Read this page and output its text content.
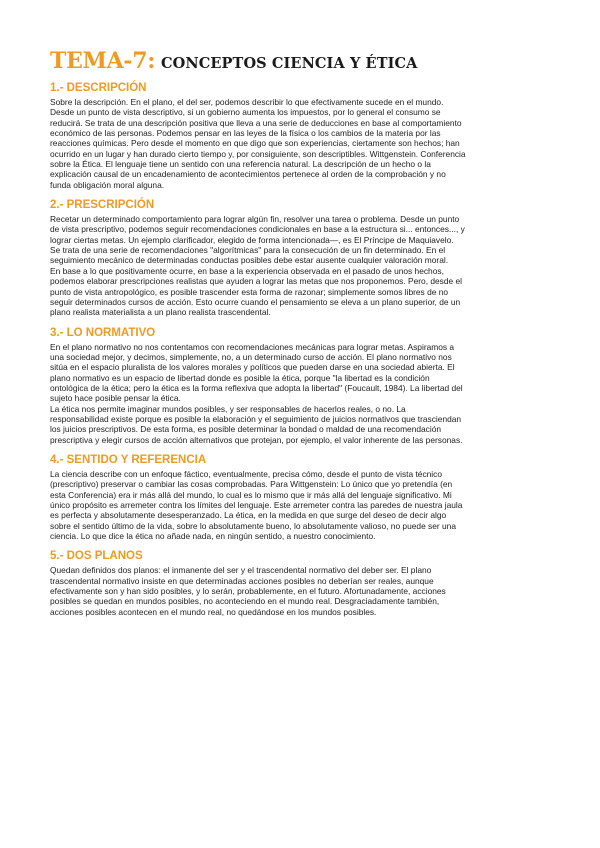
TEMA-7: CONCEPTOS CIENCIA Y ÉTICA
1.- DESCRIPCIÓN

Sobre la descripción. En el plano, el del ser, podemos describir lo que efectivamente sucede en el mundo.
Desde un punto de vista descriptivo, si un gobierno aumenta los impuestos, por lo general el consumo se
reducirá. Se trata de una descripción positiva que lleva a una serie de deducciones en base al comportamiento
económico de las personas. Podemos pensar en las leyes de la física o los cambios de la materia por las
reacciones químicas. Pero desde el momento en que digo que son experiencias, ciertamente son hechos; han
ocurrido en un lugar y han durado cierto tiempo y, por consiguiente, son descriptibles. Wittgenstein. Conferencia
sobre la Ética. El lenguaje tiene un sentido con una referencia natural. La descripción de un hecho o la
explicación causal de un encadenamiento de acontecimientos pertenece al orden de la comprobación y no
funda obligación moral alguna.

2.- PRESCRIPCIÓN

Recetar un determinado comportamiento para lograr algún fin, resolver una tarea o problema. Desde un punto
de vista prescriptivo, podemos seguir recomendaciones condicionales en base a la estructura si... entonces..., y
lograr ciertas metas. Un ejemplo clarificador, elegido de forma intencionada—, es El Príncipe de Maquiavelo.
Se trata de una serie de recomendaciones "algorítmicas" para la consecución de un fin determinado. En el
seguimiento mecánico de determinadas conductas posibles debe estar ausente cualquier valoración moral.
En base a lo que positivamente ocurre, en base a la experiencia observada en el pasado de unos hechos,
podemos elaborar prescripciones realistas que ayuden a lograr las metas que nos proponemos. Pero, desde el
punto de vista antropológico, es posible trascender esta forma de razonar; simplemente somos libres de no
seguir determinados cursos de acción. Esto ocurre cuando el pensamiento se eleva a un plano superior, de un
plano realista materialista a un plano realista trascendental.

3.- LO NORMATIVO

En el plano normativo no nos contentamos con recomendaciones mecánicas para lograr metas. Aspiramos a
una sociedad mejor, y decimos, simplemente, no, a un determinado curso de acción. El plano normativo nos
sitúa en el espacio pluralista de los valores morales y políticos que pueden darse en una sociedad abierta. El
plano normativo es un espacio de libertad donde es posible la ética, porque "la libertad es la condición
ontológica de la ética; pero la ética es la forma reflexiva que adopta la libertad" (Foucault, 1984). La libertad del
sujeto hace posible pensar la ética.
La ética nos permite imaginar mundos posibles, y ser responsables de hacerlos reales, o no. La
responsabilidad existe porque es posible la elaboración y el seguimiento de juicios normativos que trasciendan
los juicios prescriptivos. De esta forma, es posible determinar la bondad o maldad de una recomendación
prescriptiva y elegir cursos de acción alternativos que protejan, por ejemplo, el valor inherente de las personas.

4.- SENTIDO Y REFERENCIA

La ciencia describe con un enfoque fáctico, eventualmente, precisa cómo, desde el punto de vista técnico
(prescriptivo) preservar o cambiar las cosas comprobadas. Para Wittgenstein: Lo único que yo pretendía (en
esta Conferencia) era ir más allá del mundo, lo cual es lo mismo que ir más allá del lenguaje significativo. Mi
único propósito es arremeter contra los límites del lenguaje. Este arremeter contra las paredes de nuestra jaula
es perfecta y absolutamente desesperanzado. La ética, en la medida en que surge del deseo de decir algo
sobre el sentido último de la vida, sobre lo absolutamente bueno, lo absolutamente valioso, no puede ser una
ciencia. Lo que dice la ética no añade nada, en ningún sentido, a nuestro conocimiento.

5.- DOS PLANOS

Quedan definidos dos planos: el inmanente del ser y el trascendental normativo del deber ser. El plano
trascendental normativo insiste en que determinadas acciones posibles no deberían ser reales, aunque
efectivamente son y han sido posibles, y lo serán, probablemente, en el futuro. Afortunadamente, acciones
posibles se quedan en mundos posibles, no aconteciendo en el mundo real. Desgraciadamente también,
acciones posibles acontecen en el mundo real, no quedándose en los mundos posibles.
